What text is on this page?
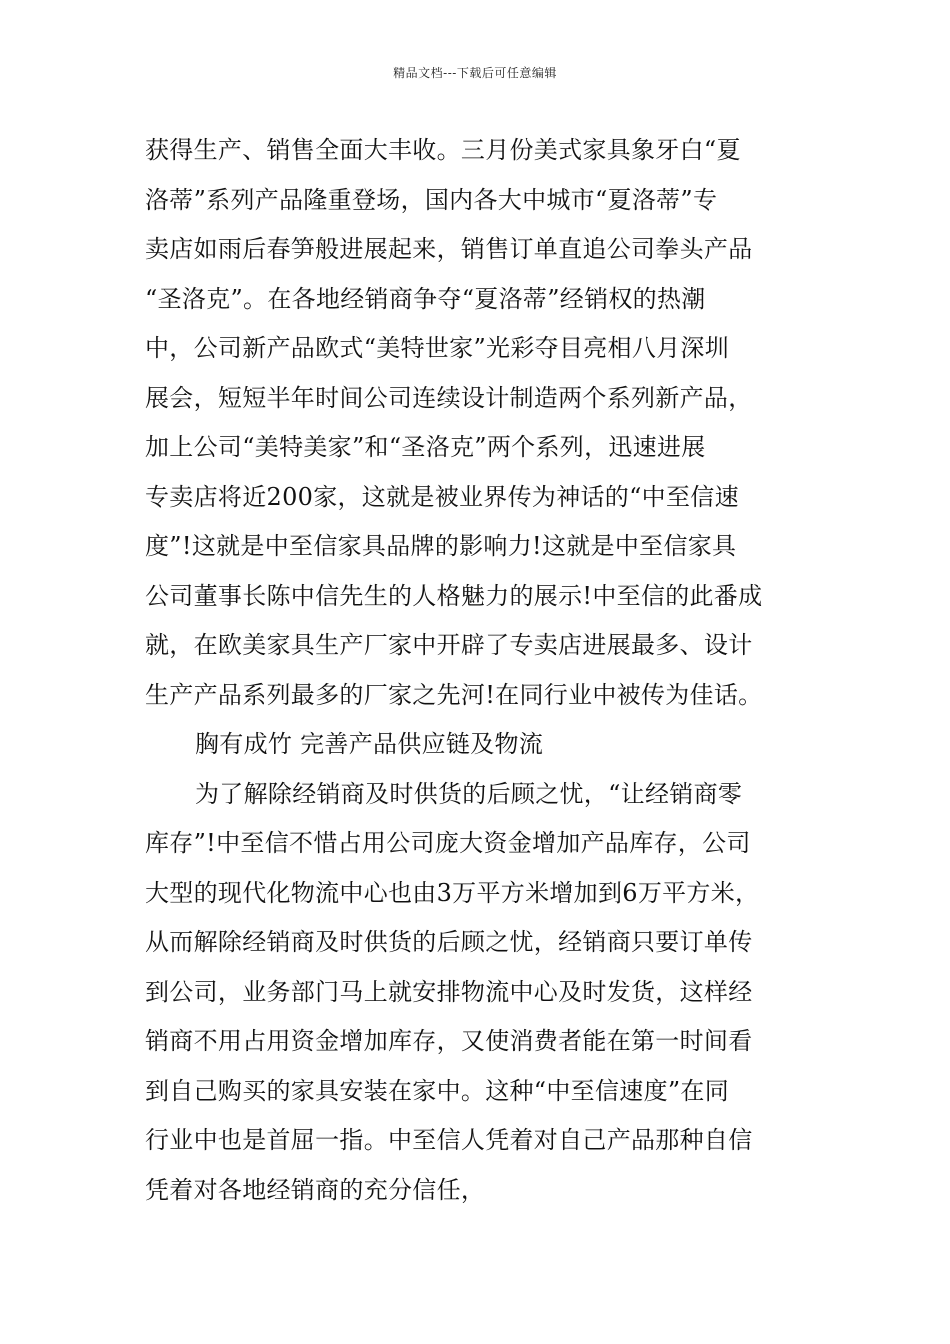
精品文档---下载后可任意编辑
获得生产、销售全面大丰收。三月份美式家具象牙白“夏
洛蒂”系列产品隆重登场，国内各大中城市“夏洛蒂”专
卖店如雨后春笋般进展起来，销售订单直追公司拳头产品
“圣洛克”。在各地经销商争夺“夏洛蒂”经销权的热潮
中，公司新产品欧式“美特世家”光彩夺目亮相八月深圳
展会，短短半年时间公司连续设计制造两个系列新产品，
加上公司“美特美家”和“圣洛克”两个系列，迅速进展
专卖店将近200家，这就是被业界传为神话的“中至信速
度”!这就是中至信家具品牌的影响力!这就是中至信家具
公司董事长陈中信先生的人格魅力的展示!中至信的此番成
就，在欧美家具生产厂家中开辟了专卖店进展最多、设计
生产产品系列最多的厂家之先河!在同行业中被传为佳话。
胸有成竹 完善产品供应链及物流
为了解除经销商及时供货的后顾之忧，“让经销商零
库存”!中至信不惜占用公司庞大资金增加产品库存，公司
大型的现代化物流中心也由3万平方米增加到6万平方米，
从而解除经销商及时供货的后顾之忧，经销商只要订单传
到公司，业务部门马上就安排物流中心及时发货，这样经
销商不用占用资金增加库存，又使消费者能在第一时间看
到自己购买的家具安装在家中。这种“中至信速度”在同
行业中也是首屈一指。中至信人凭着对自己产品那种自信
凭着对各地经销商的充分信任，
